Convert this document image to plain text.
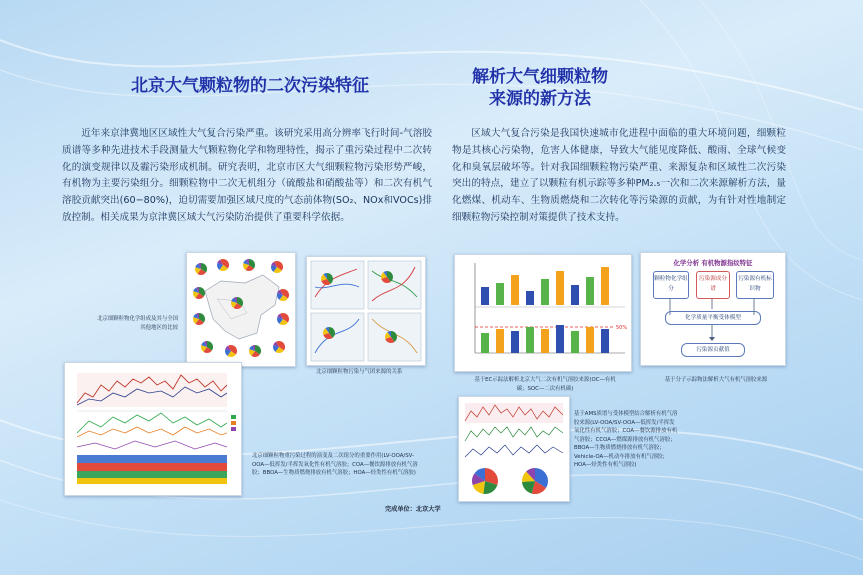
北京大气颗粒物的二次污染特征

近年来京津冀地区区域性大气复合污染严重。该研究采用高分辨率飞行时间-气溶胶质谱等多种先进技术手段测量大气颗粒物化学和物理特性，揭示了重污染过程中二次转化的演变规律以及霾污染形成机制。研究表明，北京市区大气细颗粒物污染形势严峻，有机物为主要污染组分。细颗粒物中二次无机组分（硫酸盐和硝酸盐等）和二次有机气溶胶贡献突出(60−80%)，迫切需要加强区域尺度的气态前体物(SO₂、NOx和VOCs)排放控制。相关成果为京津冀区域大气污染防治提供了重要科学依据。

北京细颗粒物化学组成及其与全国其他地区的比较
北京细颗粒物污染与气团来源的关系
北京细颗粒物重污染过程的演变及二次组分的重要作用(LV-OOA/SV-OOA—低挥发/半挥发氧化性有机气溶胶；COA—餐饮源排放有机气溶胶；BBOA—生物质燃烧排放有机气溶胶；HOA—烃类性有机气溶胶)
完成单位：北京大学
解析大气细颗粒物
来源的新方法

区域大气复合污染是我国快速城市化进程中面临的重大环境问题，细颗粒物是其核心污染物，危害人体健康，导致大气能见度降低、酸雨、全球气候变化和臭氧层破坏等。针对我国细颗粒物污染严重、来源复杂和区域性二次污染突出的特点，建立了以颗粒有机示踪等多种PM₂.₅一次和二次来源解析方法，量化燃煤、机动车、生物质燃烧和二次转化等污染源的贡献，为有针对性地制定细颗粒物污染控制对策提供了技术支持。

50%
基于EC示踪法解析北京大气二次有机气溶胶来源(OC—有机碳；SOC—二次有机碳)
化学分析 有机物源指纹特征
颗粒物化学组分
污染源成分谱
污染源有机标识物
化学质量平衡受体模型
污染源贡献值
基于分子示踪物法解析大气有机气溶胶来源
基于AMS质谱与受体模型结合解析有机气溶胶来源(LV-OOA/SV-OOA—低挥发/半挥发氧化性有机气溶胶；COA—餐饮源排放有机气溶胶；CCOA—燃煤源排放有机气溶胶；BBOA—生物质燃烧排放有机气溶胶；Vehicle-OA—机动车排放有机气溶胶；HOA—烃类性有机气溶胶)
